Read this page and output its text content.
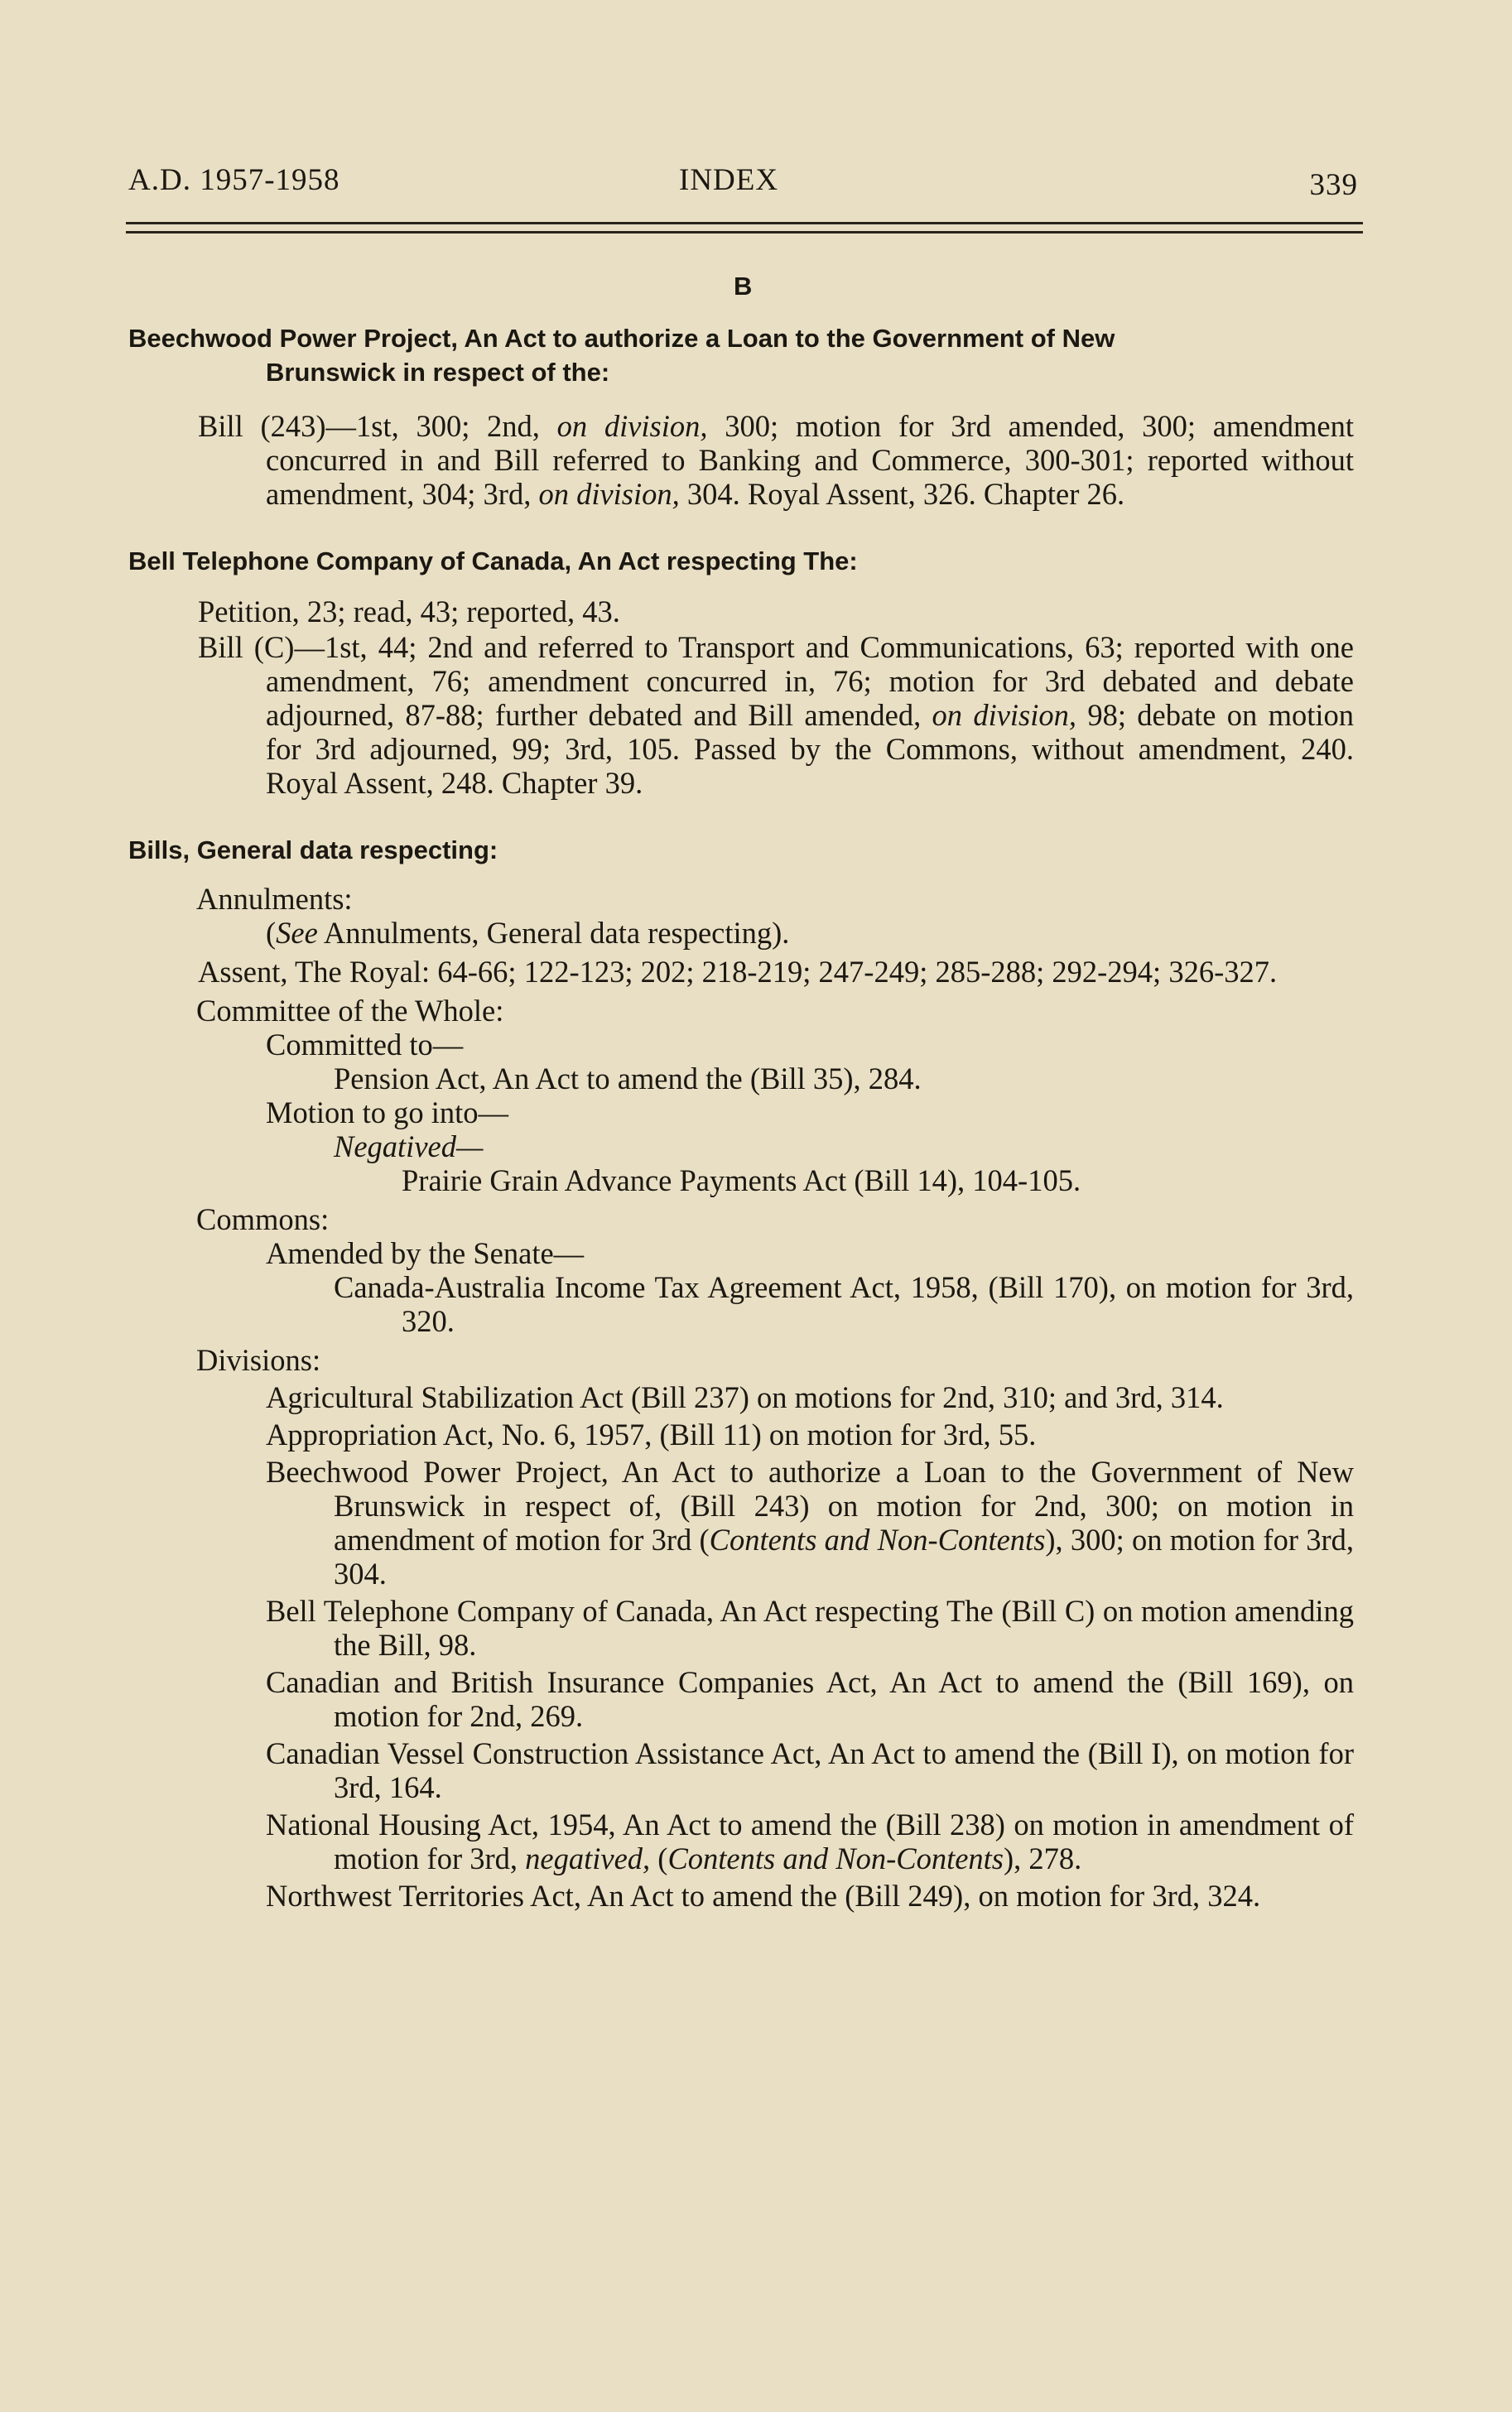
A.D. 1957-1958	INDEX	339
B
Beechwood Power Project, An Act to authorize a Loan to the Government of New
Brunswick in respect of the:
Bill (243)—1st, 300; 2nd, on division, 300; motion for 3rd amended, 300; amendment concurred in and Bill referred to Banking and Commerce, 300-301; reported without amendment, 304; 3rd, on division, 304. Royal Assent, 326. Chapter 26.
Bell Telephone Company of Canada, An Act respecting The:
Petition, 23; read, 43; reported, 43.
Bill (C)—1st, 44; 2nd and referred to Transport and Communications, 63; reported with one amendment, 76; amendment concurred in, 76; motion for 3rd debated and debate adjourned, 87-88; further debated and Bill amended, on division, 98; debate on motion for 3rd adjourned, 99; 3rd, 105. Passed by the Commons, without amendment, 240. Royal Assent, 248. Chapter 39.
Bills, General data respecting:
Annulments:
(See Annulments, General data respecting).
Assent, The Royal: 64-66; 122-123; 202; 218-219; 247-249; 285-288; 292-294; 326-327.
Committee of the Whole:
Committed to—
Pension Act, An Act to amend the (Bill 35), 284.
Motion to go into—
Negatived—
Prairie Grain Advance Payments Act (Bill 14), 104-105.
Commons:
Amended by the Senate—
Canada-Australia Income Tax Agreement Act, 1958, (Bill 170), on motion for 3rd, 320.
Divisions:
Agricultural Stabilization Act (Bill 237) on motions for 2nd, 310; and 3rd, 314.
Appropriation Act, No. 6, 1957, (Bill 11) on motion for 3rd, 55.
Beechwood Power Project, An Act to authorize a Loan to the Government of New Brunswick in respect of, (Bill 243) on motion for 2nd, 300; on motion in amendment of motion for 3rd (Contents and Non-Contents), 300; on motion for 3rd, 304.
Bell Telephone Company of Canada, An Act respecting The (Bill C) on motion amending the Bill, 98.
Canadian and British Insurance Companies Act, An Act to amend the (Bill 169), on motion for 2nd, 269.
Canadian Vessel Construction Assistance Act, An Act to amend the (Bill I), on motion for 3rd, 164.
National Housing Act, 1954, An Act to amend the (Bill 238) on motion in amendment of motion for 3rd, negatived, (Contents and Non-Contents), 278.
Northwest Territories Act, An Act to amend the (Bill 249), on motion for 3rd, 324.
